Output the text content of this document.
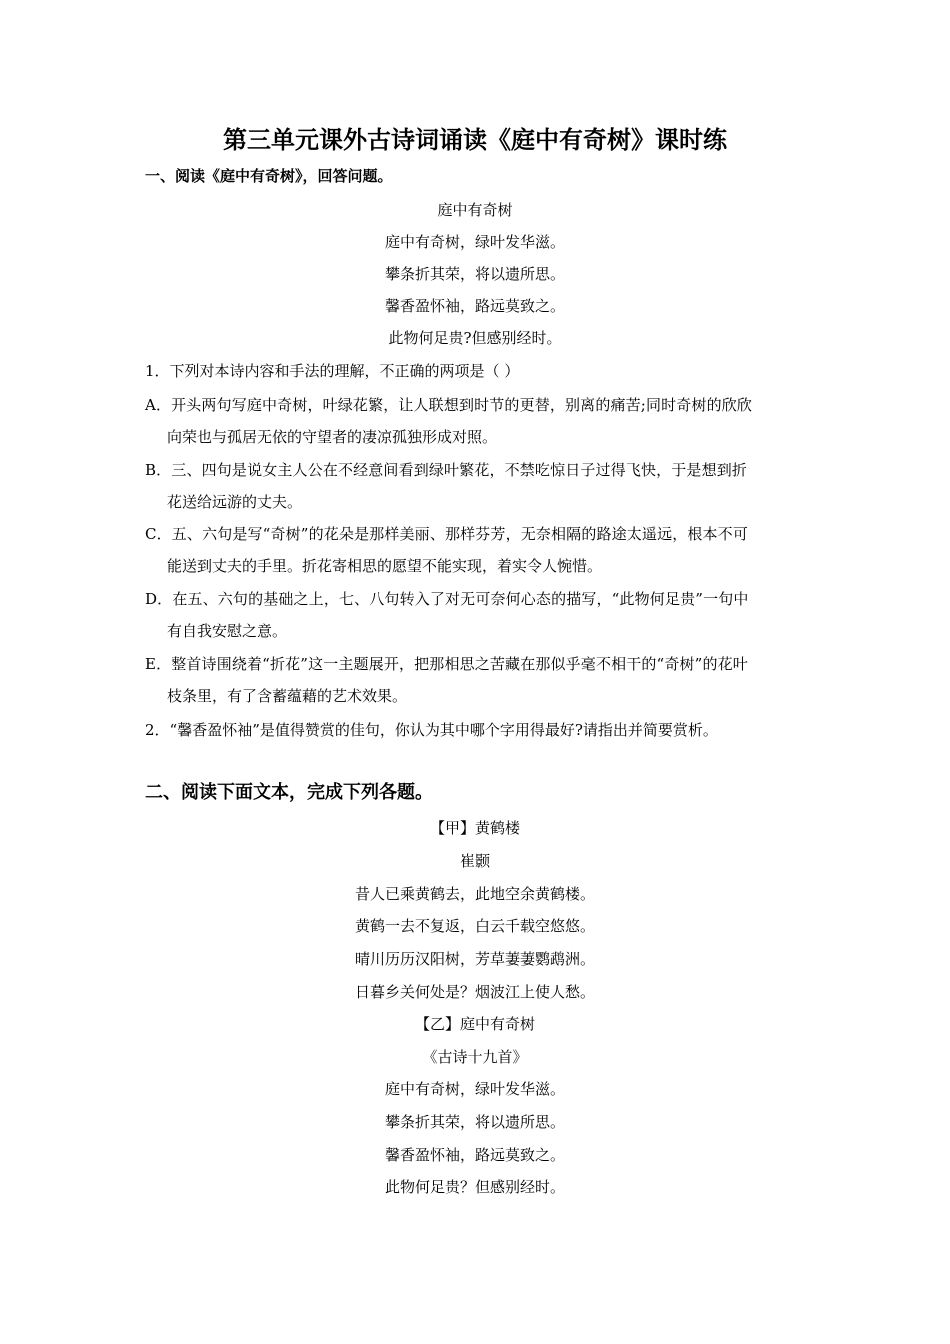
第三单元课外古诗词诵读《庭中有奇树》课时练
一、阅读《庭中有奇树》，回答问题。
庭中有奇树
庭中有奇树，绿叶发华滋。
攀条折其荣，将以遗所思。
馨香盈怀袖，路远莫致之。
此物何足贵?但感别经时。
1．下列对本诗内容和手法的理解，不正确的两项是（ ）
A．开头两句写庭中奇树，叶绿花繁，让人联想到时节的更替，别离的痛苦;同时奇树的欣欣
向荣也与孤居无依的守望者的凄凉孤独形成对照。
B．三、四句是说女主人公在不经意间看到绿叶繁花，不禁吃惊日子过得飞快，于是想到折
花送给远游的丈夫。
C．五、六句是写“奇树”的花朵是那样美丽、那样芬芳，无奈相隔的路途太遥远，根本不可
能送到丈夫的手里。折花寄相思的愿望不能实现，着实令人惋惜。
D．在五、六句的基础之上，七、八句转入了对无可奈何心态的描写，“此物何足贵”一句中
有自我安慰之意。
E．整首诗围绕着“折花”这一主题展开，把那相思之苦藏在那似乎毫不相干的“奇树”的花叶
枝条里，有了含蓄蕴藉的艺术效果。
2．“馨香盈怀袖”是值得赞赏的佳句，你认为其中哪个字用得最好?请指出并简要赏析。
二、阅读下面文本，完成下列各题。
【甲】黄鹤楼
崔颢
昔人已乘黄鹤去，此地空余黄鹤楼。
黄鹤一去不复返，白云千载空悠悠。
晴川历历汉阳树，芳草萋萋鹦鹉洲。
日暮乡关何处是？烟波江上使人愁。
【乙】庭中有奇树
《古诗十九首》
庭中有奇树，绿叶发华滋。
攀条折其荣，将以遗所思。
馨香盈怀袖，路远莫致之。
此物何足贵？但感别经时。
